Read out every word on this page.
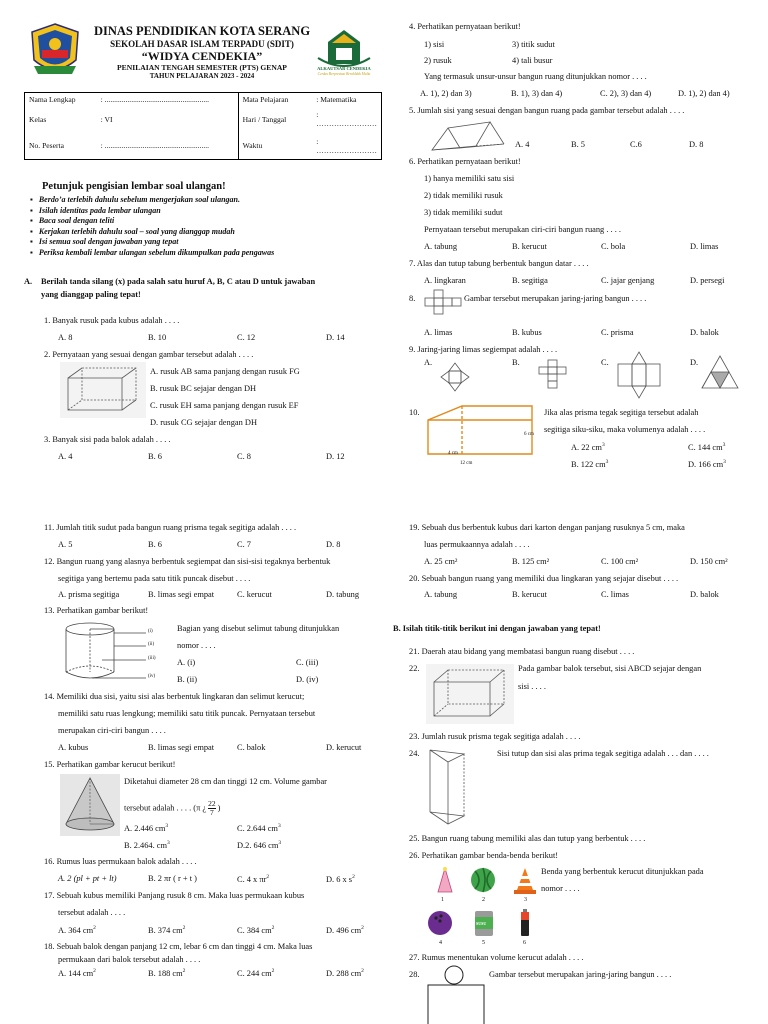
DINAS PENDIDIKAN KOTA SERANG
SEKOLAH DASAR ISLAM TERPADU (SDIT)
“WIDYA CENDEKIA”
PENILAIAN TENGAH SEMESTER (PTS) GENAP
TAHUN PELAJARAN 2023 - 2024
ALKAUTSAR CENDEKIA
Cerdas Berprestasi Berakhlak Mulia
Nama Lengkap	: .......................................................	Mata Pelajaran	: Matematika
Kelas	: VI	Hari / Tanggal	: ……………………
No. Peserta	: .......................................................	Waktu	: ……………………
Petunjuk pengisian lembar soal ulangan!
▪   Berdo’a terlebih dahulu sebelum mengerjakan soal ulangan.
▪   Isilah identitas pada lembar ulangan
▪   Baca soal dengan teliti
▪   Kerjakan terlebih dahulu soal – soal yang dianggap mudah
▪   Isi semua soal dengan jawaban yang tepat
▪   Periksa kembali lembar ulangan sebelum dikumpulkan pada pengawas
A. Berilah tanda silang (x) pada salah satu huruf A, B, C atau D untuk jawaban
yang dianggap paling tepat!
1. Banyak rusuk pada kubus adalah . . . .
A. 8	B. 10	C. 12	D. 14
2. Pernyataan yang sesuai dengan gambar tersebut adalah . . . .
A. rusuk AB sama panjang dengan rusuk FG
B. rusuk BC sejajar dengan DH
C. rusuk EH sama panjang dengan rusuk EF
D. rusuk CG sejajar dengan DH
3. Banyak sisi pada balok adalah . . . .
A. 4	B. 6	C. 8	D. 12
4. Perhatikan pernyataan berikut!
1) sisi	3) titik sudut
2) rusuk	4) tali busur
Yang termasuk unsur-unsur bangun ruang ditunjukkan nomor . . . .
A. 1), 2) dan 3)	B. 1), 3) dan 4)	C. 2), 3) dan 4)	D. 1), 2) dan 4)
5. Jumlah sisi yang sesuai dengan bangun ruang pada gambar tersebut adalah . . . .
A. 4	B. 5	C.6	D. 8
6. Perhatikan pernyataan berikut!
1) hanya memiliki satu sisi
2) tidak memiliki rusuk
3) tidak memiliki sudut
Pernyataan tersebut merupakan ciri-ciri bangun ruang . . . .
A. tabung	B. kerucut	C. bola	D. limas
7. Alas dan tutup tabung berbentuk bangun datar . . . .
A. lingkaran	B. segitiga	C. jajar genjang	D. persegi
8.	Gambar tersebut merupakan jaring-jaring bangun . . . .
A. limas	B. kubus	C. prisma	D. balok
9. Jaring-jaring limas segiempat adalah . . . .
A.	B.	C.	D.
10.
6 cm
4 cm
12 cm
Jika alas prisma tegak segitiga tersebut adalah
segitiga siku-siku, maka volumenya adalah . . . .
A. 22 $cm^3$	C. 144 $cm^3$
B. 122 $cm^3$	D. 166 $cm^3$
11. Jumlah titik sudut pada bangun ruang prisma tegak segitiga adalah . . . .
A. 5	B. 6	C. 7	D. 8
12. Bangun ruang yang alasnya berbentuk segiempat dan sisi-sisi tegaknya berbentuk
segitiga yang bertemu pada satu titik puncak disebut . . . .
A. prisma segitiga	B. limas segi empat	C. kerucut	D. tabung
13. Perhatikan gambar berikut!
(i)
(ii)
(iii)
(iv)
Bagian yang disebut selimut tabung ditunjukkan
nomor . . . .
A. (i)	C. (iii)
B. (ii)	D. (iv)
14. Memiliki dua sisi, yaitu sisi alas berbentuk lingkaran dan selimut kerucut;
memiliki satu ruas lengkung; memiliki satu titik puncak. Pernyataan tersebut
merupakan ciri-ciri bangun . . . .
A. kubus	B. limas segi empat	C. balok	D. kerucut
15. Perhatikan gambar kerucut berikut!
Diketahui diameter 28 cm dan tinggi 12 cm. Volume gambar
tersebut adalah . . . . (π ¿ $\frac{22}{7}$ )
A. 2.446 $cm^3$	C. 2.644 $cm^3$
B. 2.464. $cm^3$	D.2. 646 $cm^3$
16. Rumus luas permukaan balok adalah . . . .
A. 2 (pl + pt + lt)	B. 2 πr ( r + t )	C. 4 x $\pi r^2$	D. 6 x $s^2$
17. Sebuah kubus memiliki Panjang rusuk 8 cm. Maka luas permukaan kubus
tersebut adalah . . . .
A. 364 $cm^2$	B. 374 $cm^2$	C. 384 $cm^2$	D. 496 $cm^2$
18. Sebuah balok dengan panjang 12 cm, lebar 6 cm dan tinggi 4 cm. Maka luas
permukaan dari balok tersebut adalah . . . .
A. 144 $cm^2$	B. 188 $cm^2$	C. 244 $cm^2$	D. 288 $cm^2$
19. Sebuah dus berbentuk kubus dari karton dengan panjang rusuknya 5 cm, maka
luas permukaannya adalah . . . .
A. 25 cm²	B. 125 cm²	C. 100 cm²	D. 150 cm²
20. Sebuah bangun ruang yang memiliki dua lingkaran yang sejajar disebut . . . .
A. tabung	B. kerucut	C. limas	D. balok
B. Isilah titik-titik berikut ini dengan jawaban yang tepat!
21. Daerah atau bidang yang membatasi bangun ruang disebut . . . .
22.	Pada gambar balok tersebut, sisi ABCD sejajar dengan
sisi . . . .
23. Jumlah rusuk prisma tegak segitiga adalah . . . .
24.	Sisi tutup dan sisi alas prima tegak segitiga adalah . . . dan . . . .
25. Bangun ruang tabung memiliki alas dan tutup yang berbentuk . . . .
26. Perhatikan gambar benda-benda berikut!
SUSU
1	2	3
4	5	6
Benda yang berbentuk kerucut ditunjukkan pada
nomor . . . .
27. Rumus menentukan volume kerucut adalah . . . .
28.	Gambar tersebut merupakan jaring-jaring bangun . . . .
